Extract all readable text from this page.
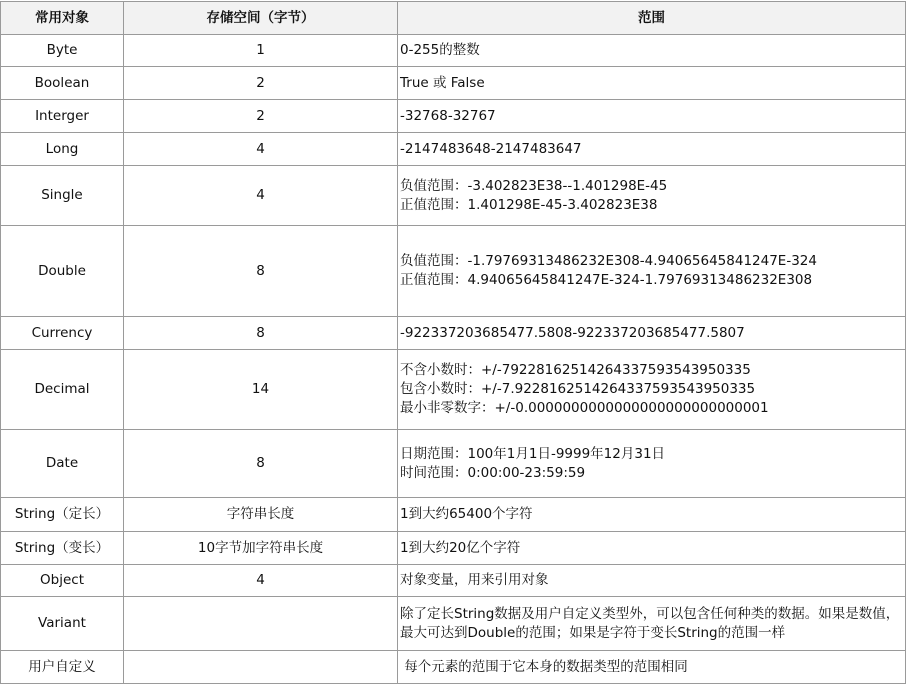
常用对象	存储空间（字节）	范围
Byte	1	0-255的整数
Boolean	2	True 或 False
Interger	2	-32768-32767
Long	4	-2147483648-2147483647
Single	4	负值范围：-3.402823E38--1.401298E-45
正值范围：1.401298E-45-3.402823E38
Double	8	负值范围：-1.79769313486232E308-4.94065645841247E-324
正值范围：4.94065645841247E-324-1.79769313486232E308
Currency	8	-922337203685477.5808-922337203685477.5807
Decimal	14	不含小数时：+/-79228162514264337593543950335
包含小数时：+/-7.9228162514264337593543950335
最小非零数字：+/-0.0000000000000000000000000001
Date	8	日期范围：100年1月1日-9999年12月31日
时间范围：0:00:00-23:59:59
String（定长）	字符串长度	1到大约65400个字符
String（变长）	10字节加字符串长度	1到大约20亿个字符
Object	4	对象变量，用来引用对象
Variant		除了定长String数据及用户自定义类型外，可以包含任何种类的数据。如果是数值，最大可达到Double的范围；如果是字符于变长String的范围一样
用户自定义		每个元素的范围于它本身的数据类型的范围相同
